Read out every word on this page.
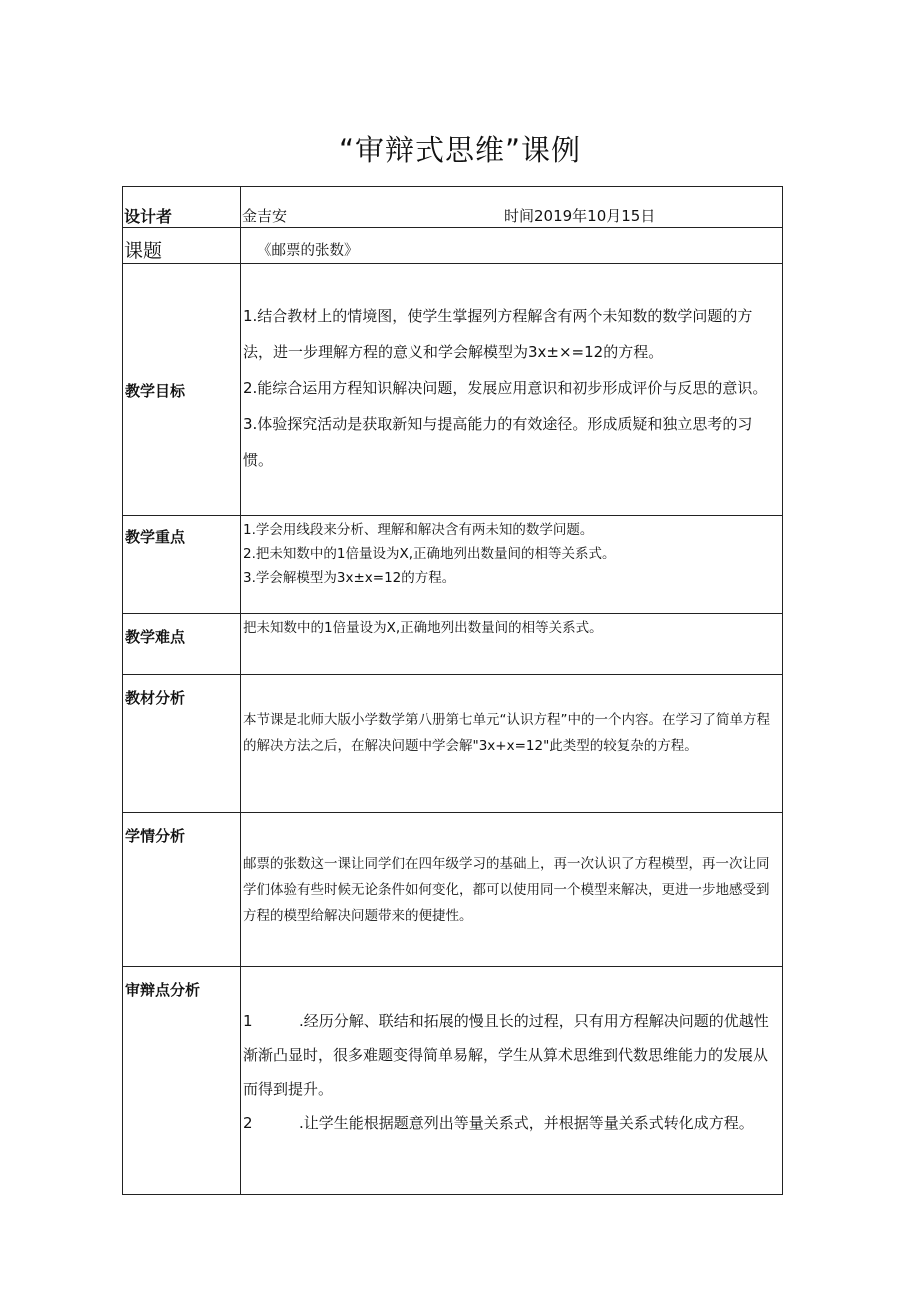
“审辩式思维”课例
设计者	金吉安 时间2019年10月15日

课题	《邮票的张数》

教学目标	1.结合教材上的情境图，使学生掌握列方程解含有两个未知数的数学问题的方法，进一步理解方程的意义和学会解模型为3x±×=12的方程。

2.能综合运用方程知识解决问题，发展应用意识和初步形成评价与反思的意识。

3.体验探究活动是获取新知与提高能力的有效途径。形成质疑和独立思考的习惯。

教学重点	1.学会用线段来分析、理解和解决含有两未知的数学问题。

2.把未知数中的1倍量设为X,正确地列出数量间的相等关系式。

3.学会解模型为3x±x=12的方程。

教学难点	把未知数中的1倍量设为X,正确地列出数量间的相等关系式。

教材分析	本节课是北师大版小学数学第八册第七单元“认识方程”中的一个内容。在学习了简单方程的解决方法之后，在解决问题中学会解"3x+x=12"此类型的较复杂的方程。

学情分析	邮票的张数这一课让同学们在四年级学习的基础上，再一次认识了方程模型，再一次让同学们体验有些时候无论条件如何变化，都可以使用同一个模型来解决，更进一步地感受到方程的模型给解决问题带来的便捷性。

审辩点分析	1 .经历分解、联结和拓展的慢且长的过程，只有用方程解决问题的优越性渐渐凸显时，很多难题变得简单易解，学生从算术思维到代数思维能力的发展从而得到提升。

2 .让学生能根据题意列出等量关系式，并根据等量关系式转化成方程。
